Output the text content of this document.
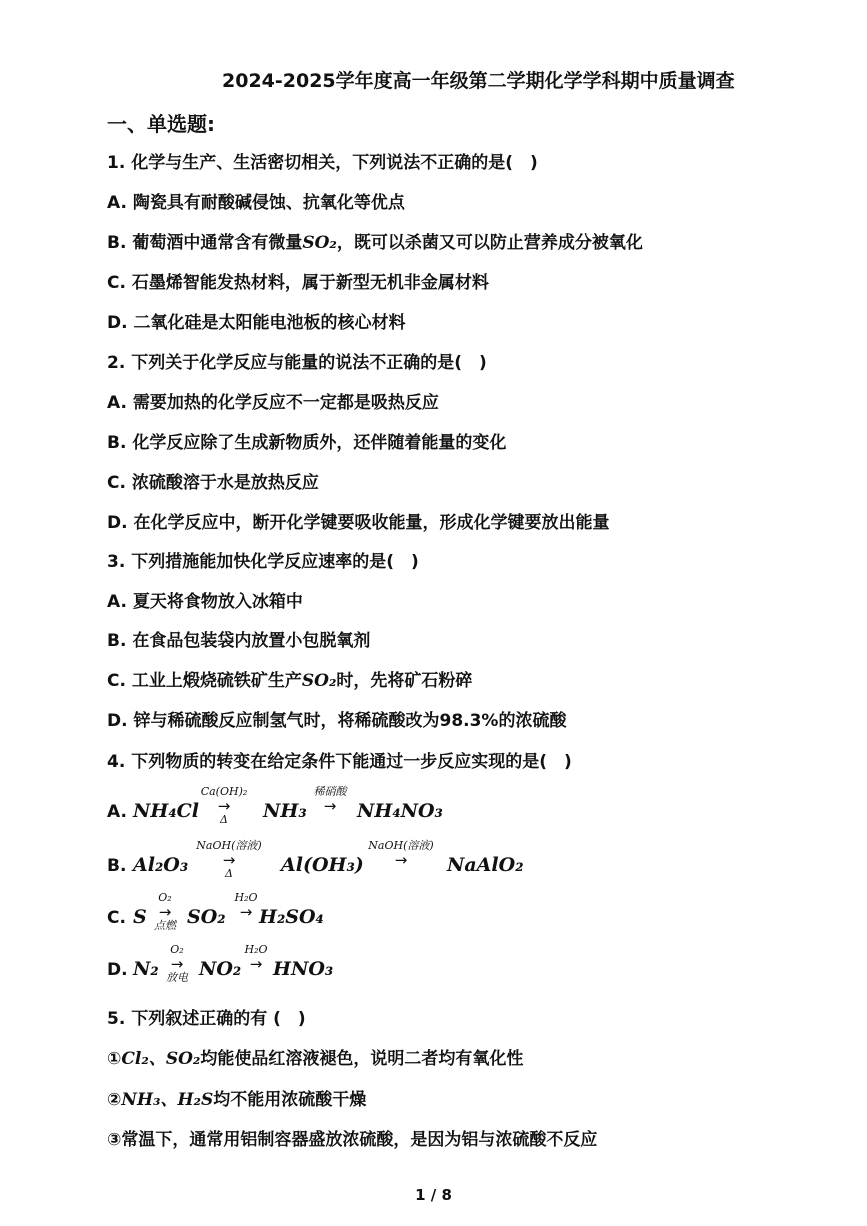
2024-2025学年度高一年级第二学期化学学科期中质量调查
一、单选题:
1. 化学与生产、生活密切相关，下列说法不正确的是(　)
A. 陶瓷具有耐酸碱侵蚀、抗氧化等优点
B. 葡萄酒中通常含有微量SO₂，既可以杀菌又可以防止营养成分被氧化
C. 石墨烯智能发热材料，属于新型无机非金属材料
D. 二氧化硅是太阳能电池板的核心材料
2. 下列关于化学反应与能量的说法不正确的是(　)
A. 需要加热的化学反应不一定都是吸热反应
B. 化学反应除了生成新物质外，还伴随着能量的变化
C. 浓硫酸溶于水是放热反应
D. 在化学反应中，断开化学键要吸收能量，形成化学键要放出能量
3. 下列措施能加快化学反应速率的是(　)
A. 夏天将食物放入冰箱中
B. 在食品包装袋内放置小包脱氧剂
C. 工业上煅烧硫铁矿生产SO₂时，先将矿石粉碎
D. 锌与稀硫酸反应制氢气时，将稀硫酸改为98.3%的浓硫酸
4. 下列物质的转变在给定条件下能通过一步反应实现的是(　)
A. NH₄Cl
Ca(OH)₂
→
Δ	NH₃
稀硝酸
→	NH₄NO₃
B. Al₂O₃
NaOH(溶液)
→
Δ	Al(OH₃)
NaOH(溶液)
→	NaAlO₂
C. S
O₂
→
点燃 SO₂
H₂O
→ H₂SO₄
D. N₂
O₂
→
放电 NO₂
H₂O
→ HNO₃
5. 下列叙述正确的有 (　)
①Cl₂、SO₂均能使品红溶液褪色，说明二者均有氧化性
②NH₃、H₂S均不能用浓硫酸干燥
③常温下，通常用铝制容器盛放浓硫酸，是因为铝与浓硫酸不反应
1 / 8
